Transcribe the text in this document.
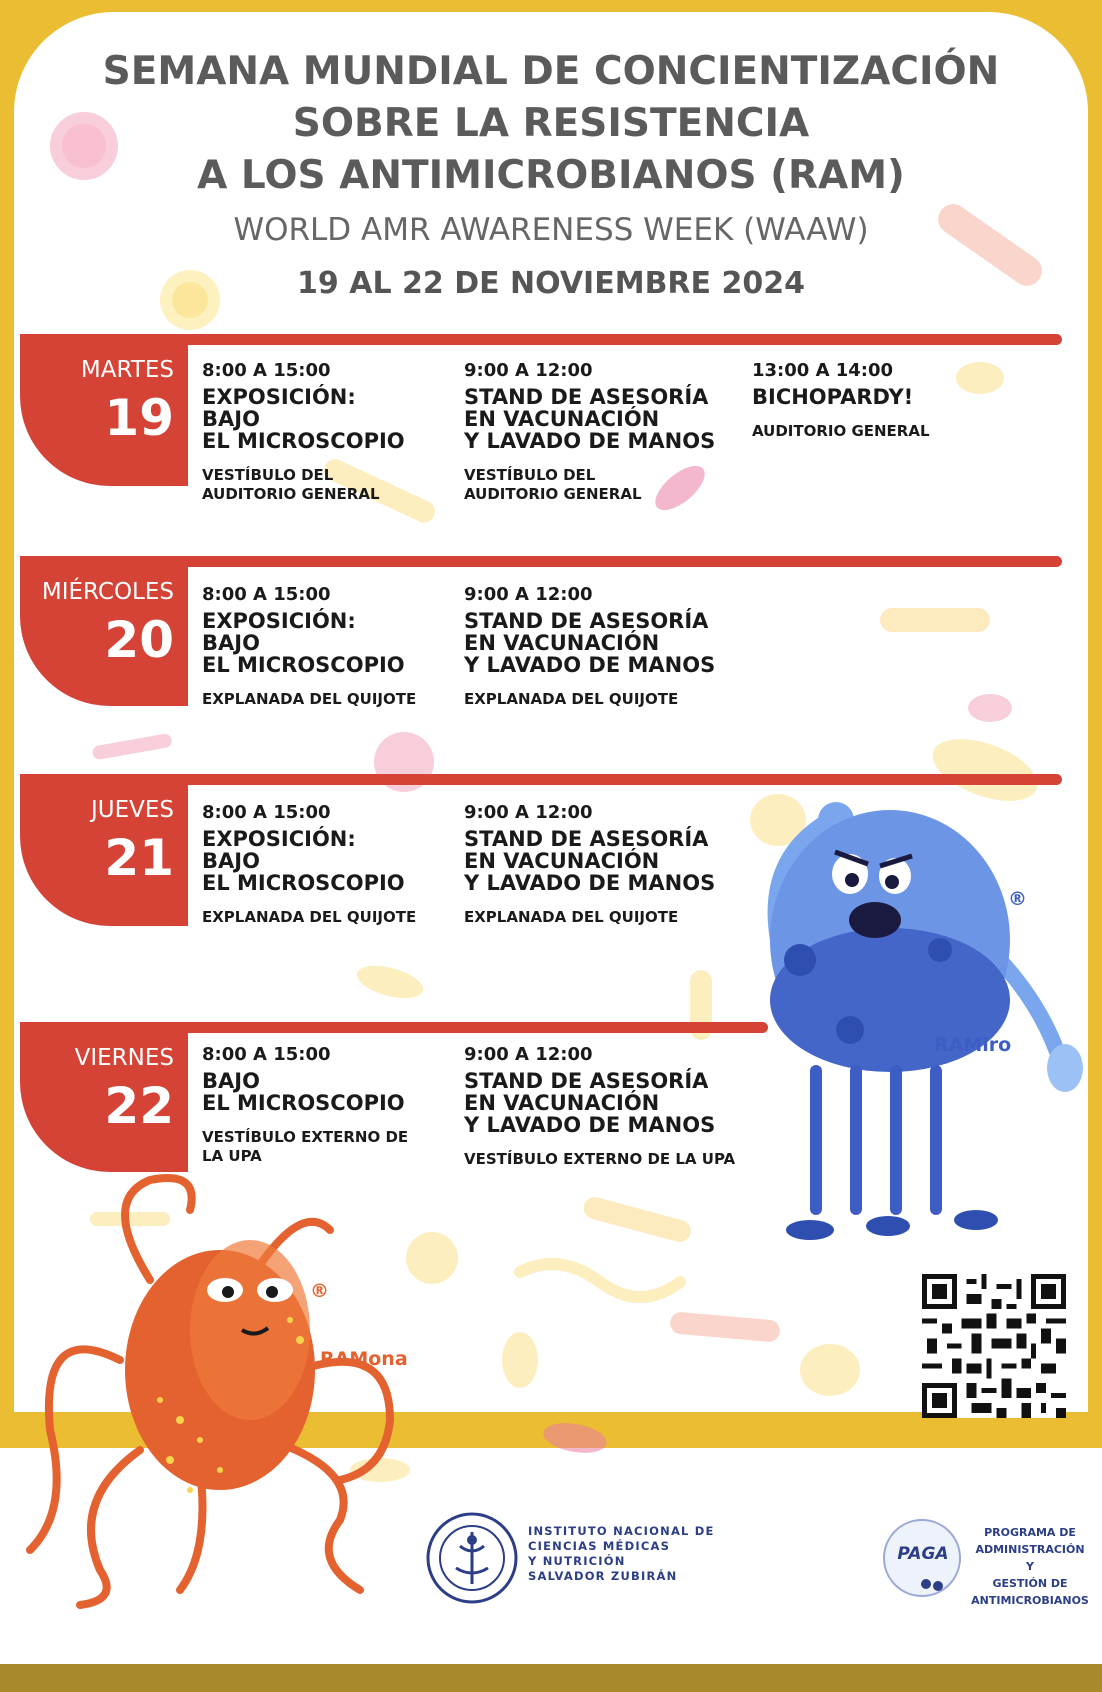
SEMANA MUNDIAL DE CONCIENTIZACIÓN
SOBRE LA RESISTENCIA
A LOS ANTIMICROBIANOS (RAM)
WORLD AMR AWARENESS WEEK (WAAW)
19 AL 22 DE NOVIEMBRE 2024
MARTES
19
8:00 A 15:00
EXPOSICIÓN:
BAJO
EL MICROSCOPIO
VESTÍBULO DEL
AUDITORIO GENERAL
9:00 A 12:00
STAND DE ASESORÍA
EN VACUNACIÓN
Y LAVADO DE MANOS
VESTÍBULO DEL
AUDITORIO GENERAL
13:00 A 14:00
BICHOPARDY!
AUDITORIO GENERAL
MIÉRCOLES
20
8:00 A 15:00
EXPOSICIÓN:
BAJO
EL MICROSCOPIO
EXPLANADA DEL QUIJOTE
9:00 A 12:00
STAND DE ASESORÍA
EN VACUNACIÓN
Y LAVADO DE MANOS
EXPLANADA DEL QUIJOTE
JUEVES
21
8:00 A 15:00
EXPOSICIÓN:
BAJO
EL MICROSCOPIO
EXPLANADA DEL QUIJOTE
9:00 A 12:00
STAND DE ASESORÍA
EN VACUNACIÓN
Y LAVADO DE MANOS
EXPLANADA DEL QUIJOTE
VIERNES
22
8:00 A 15:00
BAJO
EL MICROSCOPIO
VESTÍBULO EXTERNO DE
LA UPA
9:00 A 12:00
STAND DE ASESORÍA
EN VACUNACIÓN
Y LAVADO DE MANOS
VESTÍBULO EXTERNO DE LA UPA
RAMiro
®
RAMona
®
INSTITUTO NACIONAL DE
CIENCIAS MÉDICAS
Y NUTRICIÓN
SALVADOR ZUBIRÁN
PAGA
PROGRAMA DE
ADMINISTRACIÓN Y
GESTIÓN DE
ANTIMICROBIANOS
